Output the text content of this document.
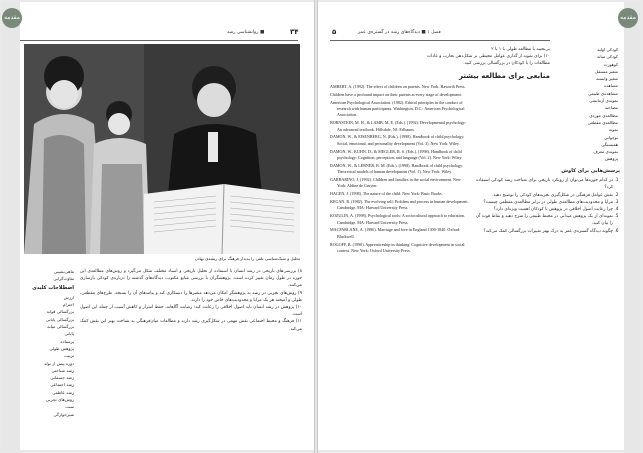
مقدمه
۳۴
■ روانشناسی رشد
تحلیل و سبک‌شناسی تلقی را پدیدار فرهنگ برای ریشه‌ی نهادن
ماهی‌نشینی
تفاوت‌گرایی
اصطلاحات کلیدی
ارزش
احترام
بزرگسالی قوانه
بزرگسالی پایانی
بزرگسالی میانه
پایانی
پرستاده
پژوهش طولی
تربیت
دوره پیش از تولد
رشد شناختی
رشد جسمانی
رشد اجتماعی
رشد عاطفی
روش‌های تجربی
سنت
شیرخوارگی
۸) بررسی‌های تاریخی در رشد انسان با استفاده از تحلیل تاریخی و اسناد مختلف شکل می‌گیرد و روش‌های مطالعه‌ی این حوزه در طول زمان تغییر کرده است. پژوهشگران با بررسی منابع مکتوب، دیدگاه‌های گذشته را درباره‌ی کودکی بازسازی می‌کنند.
۹) روش‌های تجربی در رشد به پژوهشگر امکان می‌دهد متغیرها را دستکاری کند و پیامدهای آن را بسنجد. طرح‌های مقطعی، طولی و آمیخته هر یک مزایا و محدودیت‌های خاص خود را دارند.
۱۰) پژوهش در رشد انسان باید اصول اخلاقی را رعایت کند؛ رضایت آگاهانه، حفظ اسرار و کاهش آسیب از جمله این اصول است.
۱۱) فرهنگ و محیط اجتماعی نقش مهمی در شکل‌گیری رشد دارند و مطالعات میان‌فرهنگی به شناخت بهتر این نقش کمک می‌کند.
مقدمه
۵	فصل ۱ ■ دیدگاه‌های رشد در گستره‌ی عمر
بی‌نجیبه یا مطالعه طولی با ۱ یا ۲
۱۰) برای نمونه از گذاری عوامل محیطی بر شکل‌دهی تجارب و عادات
مطالعات را با کودکان در بزرگسالی بررسی کنید.
منابعی برای مطالعه بیشتر

AMBERT, A. (1992). The effect of children on parents. New York: Haworth Press.

Children have a profound impact on their parents at every stage of development.

American Psychological Association. (1982). Ethical principles in the conduct of research with human participants. Washington, D.C.: American Psychological Association.

BORNSTEIN, M. H., & LAMB, M. E. (Eds.). (1992). Developmental psychology: An advanced textbook. Hillsdale, NJ: Erlbaum.

DAMON, W., & EISENBERG, N. (Eds.). (1998). Handbook of child psychology: Social, emotional, and personality development (Vol. 3). New York: Wiley.

DAMON, W., KUHN, D., & SIEGLER, R. S. (Eds.). (1998). Handbook of child psychology: Cognition, perception, and language (Vol. 2). New York: Wiley.

DAMON, W., & LERNER, R. M. (Eds.). (1998). Handbook of child psychology: Theoretical models of human development (Vol. 1). New York: Wiley.

GARBARINO, J. (1992). Children and families in the social environment. New York: Aldine de Gruyter.

HAGEN, J. (1998). The nature of the child. New York: Basic Books.

KEGAN, R. (1982). The evolving self: Problem and process in human development. Cambridge, MA: Harvard University Press.

KOZULIN, A. (1998). Psychological tools: A sociocultural approach to education. Cambridge, MA: Harvard University Press.

MACFARLANE, A. (1986). Marriage and love in England 1300-1840. Oxford: Blackwell.

ROGOFF, B. (1990). Apprenticeship in thinking: Cognitive development in social context. New York: Oxford University Press.

کودکی اولیه
کودکی میانه
کوهورت
متغیر مستقل
متغیر وابسته
مشاهده
مشاهده‌ی طبیعی
نمونه‌ی آزمایشی
مصاحبه
مطالعه‌ی موردی
مطالعه‌ی مقطعی
نمونه
نوجوانی
همبستگی
نمونه‌ی معرف
پژوهش
پرسش‌هایی برای کاوش
1. در کدام حوزه‌ها می‌توان از رویکرد تاریخی برای شناخت رشد کودکی استفاده کرد؟
2. نقش عوامل فرهنگی در شکل‌گیری تجربه‌های کودکی را توضیح دهید.
3. مزایا و محدودیت‌های مطالعه‌ی طولی در برابر مطالعه‌ی مقطعی چیست؟
4. چرا رعایت اصول اخلاقی در پژوهش با کودکان اهمیت ویژه‌ای دارد؟
5. نمونه‌ای از یک پژوهش میدانی در محیط طبیعی را شرح دهید و نقاط قوت آن را بیان کنید.
6. چگونه دیدگاه گستره‌ی عمر به درک بهتر تغییرات بزرگسالی کمک می‌کند؟
